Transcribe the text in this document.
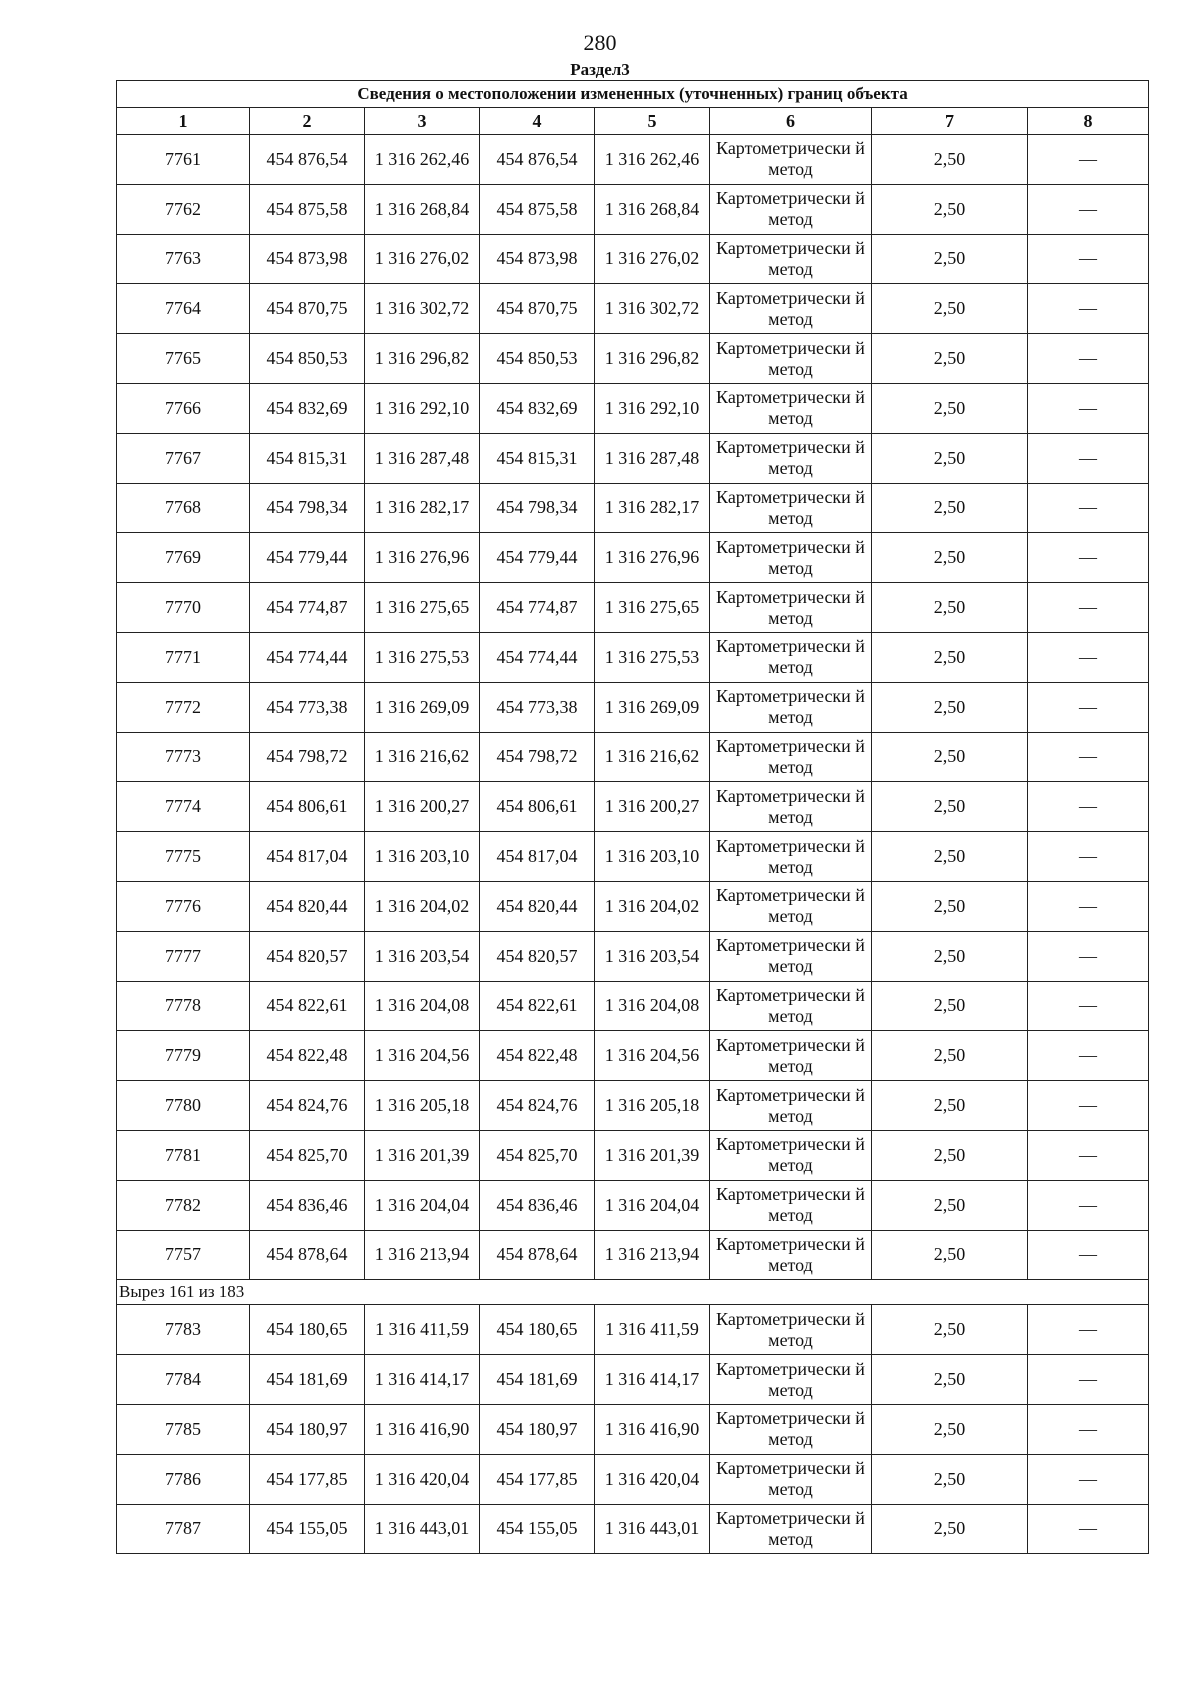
280
Раздел3
Сведения о местоположении измененных (уточненных) границ объекта							
1	2	3	4	5	6	7	8
7761	454 876,54	1 316 262,46	454 876,54	1 316 262,46	Картометрически й метод	2,50	—
7762	454 875,58	1 316 268,84	454 875,58	1 316 268,84	Картометрически й метод	2,50	—
7763	454 873,98	1 316 276,02	454 873,98	1 316 276,02	Картометрически й метод	2,50	—
7764	454 870,75	1 316 302,72	454 870,75	1 316 302,72	Картометрически й метод	2,50	—
7765	454 850,53	1 316 296,82	454 850,53	1 316 296,82	Картометрически й метод	2,50	—
7766	454 832,69	1 316 292,10	454 832,69	1 316 292,10	Картометрически й метод	2,50	—
7767	454 815,31	1 316 287,48	454 815,31	1 316 287,48	Картометрически й метод	2,50	—
7768	454 798,34	1 316 282,17	454 798,34	1 316 282,17	Картометрически й метод	2,50	—
7769	454 779,44	1 316 276,96	454 779,44	1 316 276,96	Картометрически й метод	2,50	—
7770	454 774,87	1 316 275,65	454 774,87	1 316 275,65	Картометрически й метод	2,50	—
7771	454 774,44	1 316 275,53	454 774,44	1 316 275,53	Картометрически й метод	2,50	—
7772	454 773,38	1 316 269,09	454 773,38	1 316 269,09	Картометрически й метод	2,50	—
7773	454 798,72	1 316 216,62	454 798,72	1 316 216,62	Картометрически й метод	2,50	—
7774	454 806,61	1 316 200,27	454 806,61	1 316 200,27	Картометрически й метод	2,50	—
7775	454 817,04	1 316 203,10	454 817,04	1 316 203,10	Картометрически й метод	2,50	—
7776	454 820,44	1 316 204,02	454 820,44	1 316 204,02	Картометрически й метод	2,50	—
7777	454 820,57	1 316 203,54	454 820,57	1 316 203,54	Картометрически й метод	2,50	—
7778	454 822,61	1 316 204,08	454 822,61	1 316 204,08	Картометрически й метод	2,50	—
7779	454 822,48	1 316 204,56	454 822,48	1 316 204,56	Картометрически й метод	2,50	—
7780	454 824,76	1 316 205,18	454 824,76	1 316 205,18	Картометрически й метод	2,50	—
7781	454 825,70	1 316 201,39	454 825,70	1 316 201,39	Картометрически й метод	2,50	—
7782	454 836,46	1 316 204,04	454 836,46	1 316 204,04	Картометрически й метод	2,50	—
7757	454 878,64	1 316 213,94	454 878,64	1 316 213,94	Картометрически й метод	2,50	—
Вырез 161 из 183							
7783	454 180,65	1 316 411,59	454 180,65	1 316 411,59	Картометрически й метод	2,50	—
7784	454 181,69	1 316 414,17	454 181,69	1 316 414,17	Картометрически й метод	2,50	—
7785	454 180,97	1 316 416,90	454 180,97	1 316 416,90	Картометрически й метод	2,50	—
7786	454 177,85	1 316 420,04	454 177,85	1 316 420,04	Картометрически й метод	2,50	—
7787	454 155,05	1 316 443,01	454 155,05	1 316 443,01	Картометрически й метод	2,50	—
